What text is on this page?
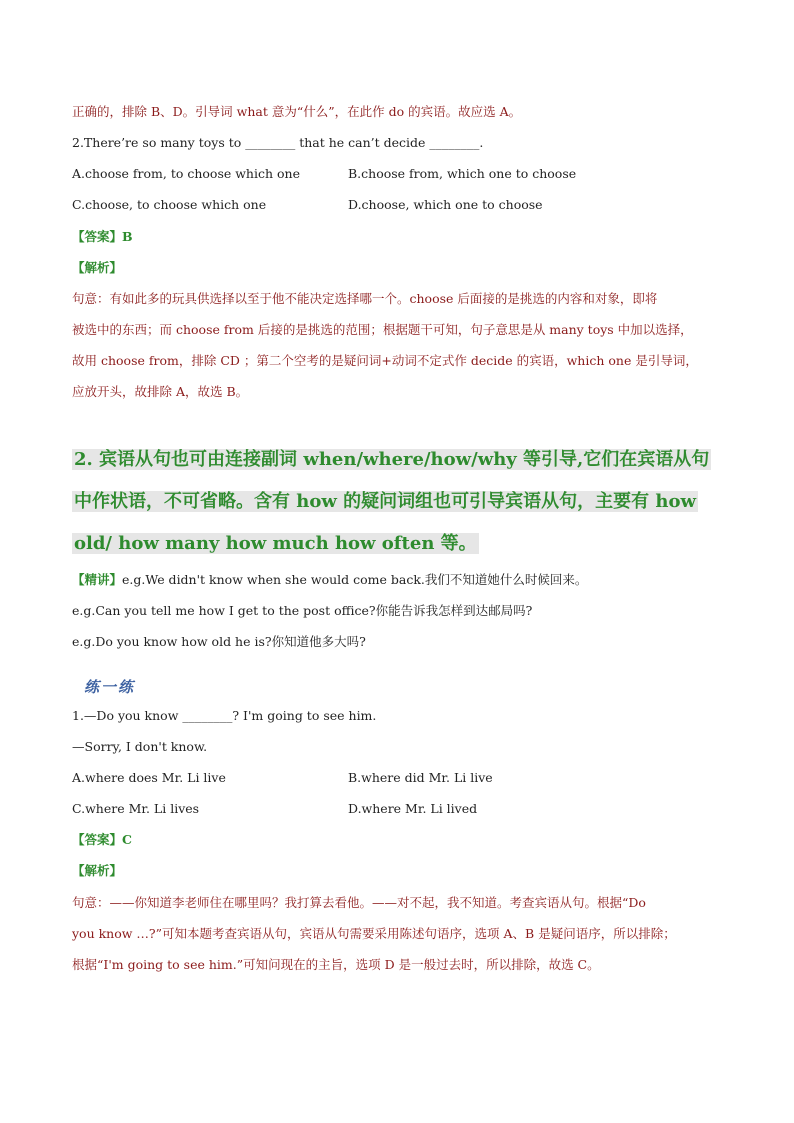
正确的，排除 B、D。引导词 what 意为“什么”，在此作 do 的宾语。故应选 A。
2.There’re so many toys to ________ that he can’t decide ________.
A.choose from, to choose which one	B.choose from, which one to choose
C.choose, to choose which one	D.choose, which one to choose
【答案】B
【解析】
句意：有如此多的玩具供选择以至于他不能决定选择哪一个。choose 后面接的是挑选的内容和对象，即将
被选中的东西；而 choose from 后接的是挑选的范围；根据题干可知，句子意思是从 many toys 中加以选择，
故用 choose from，排除 CD ；第二个空考的是疑问词+动词不定式作 decide 的宾语，which one 是引导词，
应放开头，故排除 A，故选 B。
2. 宾语从句也可由连接副词 when/where/how/why 等引导,它们在宾语从句
中作状语，不可省略。含有 how 的疑问词组也可引导宾语从句，主要有 how
old/ how many how much how often 等。
【精讲】e.g.We didn't know when she would come back.我们不知道她什么时候回来。
e.g.Can you tell me how I get to the post office?你能告诉我怎样到达邮局吗?
e.g.Do you know how old he is?你知道他多大吗?
练一练
1.—Do you know ________? I'm going to see him.
—Sorry, I don't know.
A.where does Mr. Li live	B.where did Mr. Li live
C.where Mr. Li lives	D.where Mr. Li lived
【答案】C
【解析】
句意：——你知道李老师住在哪里吗？我打算去看他。——对不起，我不知道。考查宾语从句。根据“Do
you know …?”可知本题考查宾语从句，宾语从句需要采用陈述句语序，选项 A、B 是疑问语序，所以排除；
根据“I'm going to see him.”可知问现在的主旨，选项 D 是一般过去时，所以排除，故选 C。
